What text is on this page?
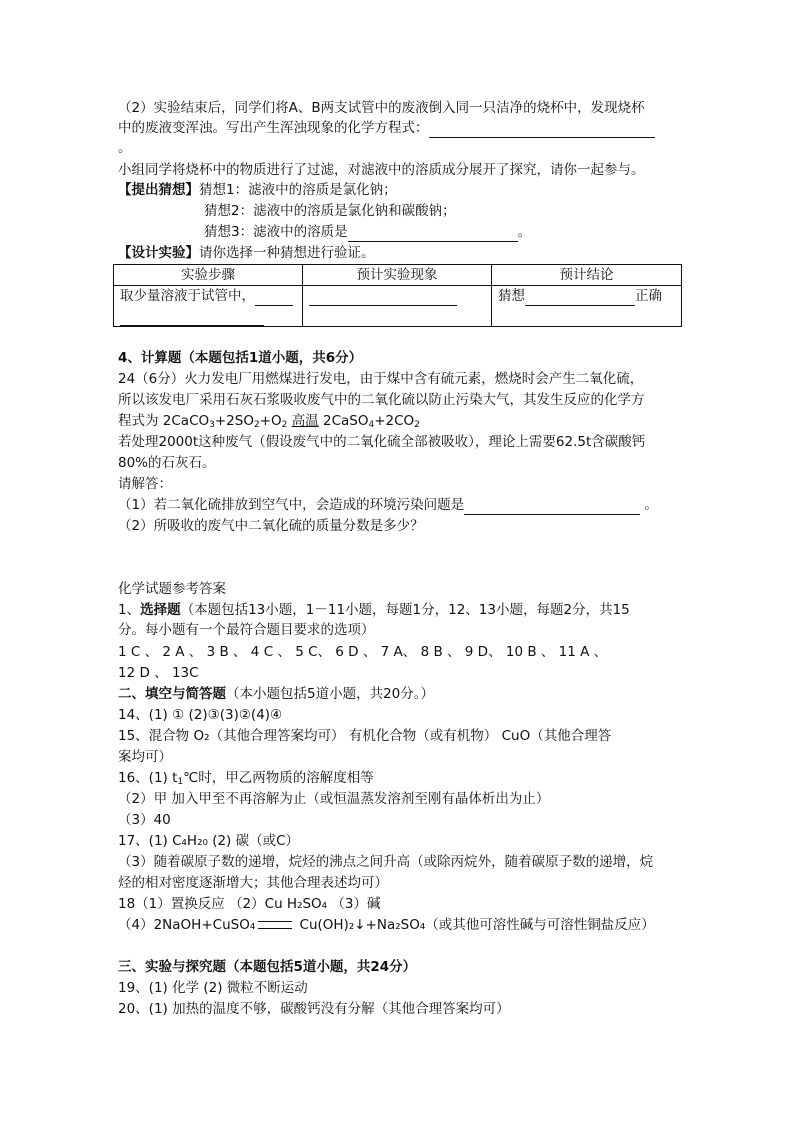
（2）实验结束后，同学们将A、B两支试管中的废液倒入同一只洁净的烧杯中，发现烧杯
中的废液变浑浊。写出产生浑浊现象的化学方程式：
。
小组同学将烧杯中的物质进行了过滤，对滤液中的溶质成分展开了探究，请你一起参与。
【提出猜想】猜想1：滤液中的溶质是氯化钠；
猜想2：滤液中的溶质是氯化钠和碳酸钠；
猜想3：滤液中的溶质是	。
【设计实验】请你选择一种猜想进行验证。
实验步骤	预计实验现象	预计结论
取少量溶液于试管中，		猜想 正确
4、计算题（本题包括1道小题，共6分）
24（6分）火力发电厂用燃煤进行发电，由于煤中含有硫元素，燃烧时会产生二氧化硫，
所以该发电厂采用石灰石浆吸收废气中的二氧化硫以防止污染大气，其发生反应的化学方
程式为 $2CaCO_3+2SO_2+O_2$ 高温 $2CaSO_4+2CO_2$
若处理2000t这种废气（假设废气中的二氧化硫全部被吸收），理论上需要62.5t含碳酸钙
80%的石灰石。
请解答：
（1）若二氧化硫排放到空气中，会造成的环境污染问题是	。
（2）所吸收的废气中二氧化硫的质量分数是多少？
化学试题参考答案
1、选择题（本题包括13小题，1－11小题，每题1分，12、13小题，每题2分，共15
分。每小题有一个最符合题目要求的选项）
1 C 、 2 A 、 3 B 、 4 C 、 5 C、 6 D 、 7 A、 8 B 、 9 D、 10 B 、 11 A 、
12 D 、 13C
二、填空与简答题（本小题包括5道小题，共20分。）
14、(1) ① (2)③(3)②(4)④
15、混合物 O₂（其他合理答案均可） 有机化合物（或有机物） CuO（其他合理答
案均可）
16、(1) $t_1℃$时，甲乙两物质的溶解度相等
（2）甲 加入甲至不再溶解为止（或恒温蒸发溶剂至刚有晶体析出为止）
（3）40
17、(1) C₄H₂₀ (2) 碳（或C）
（3）随着碳原子数的递增，烷烃的沸点之间升高（或除丙烷外，随着碳原子数的递增，烷
烃的相对密度逐渐增大；其他合理表述均可）
18（1）置换反应 （2）Cu H₂SO₄ （3）碱
（4）2NaOH+CuSO₄	Cu(OH)₂↓+Na₂SO₄（或其他可溶性碱与可溶性铜盐反应）
三、实验与探究题（本题包括5道小题，共24分）
19、(1) 化学 (2) 微粒不断运动
20、(1) 加热的温度不够，碳酸钙没有分解（其他合理答案均可）
